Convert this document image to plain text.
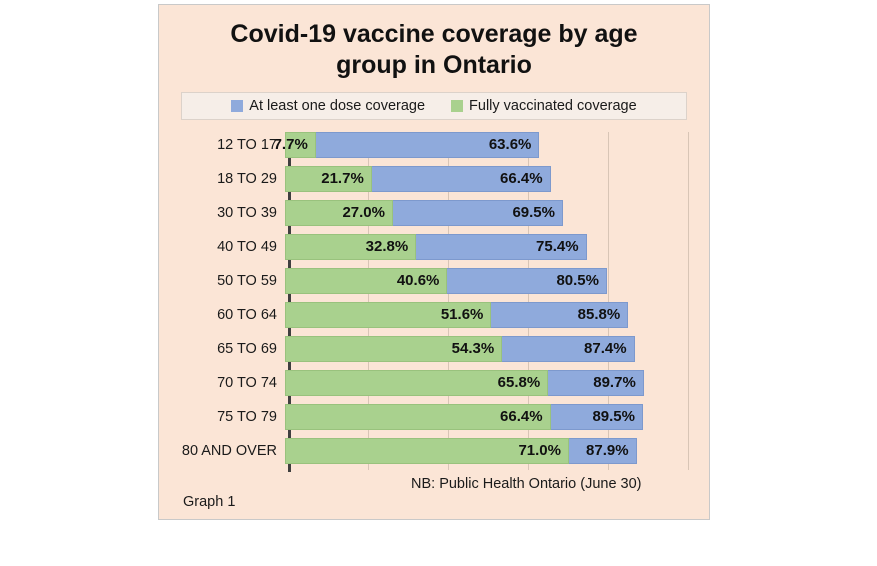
Covid-19 vaccine coverage by age group in Ontario
At least one dose coverage	Fully vaccinated coverage
12 TO 17	63.6%
7.7%
18 TO 29	66.4%
21.7%
30 TO 39	69.5%
27.0%
40 TO 49	75.4%
32.8%
50 TO 59	80.5%
40.6%
60 TO 64	85.8%
51.6%
65 TO 69	87.4%
54.3%
70 TO 74	89.7%
65.8%
75 TO 79	89.5%
66.4%
80 AND OVER	87.9%
71.0%
NB: Public Health Ontario (June 30)
Graph 1
